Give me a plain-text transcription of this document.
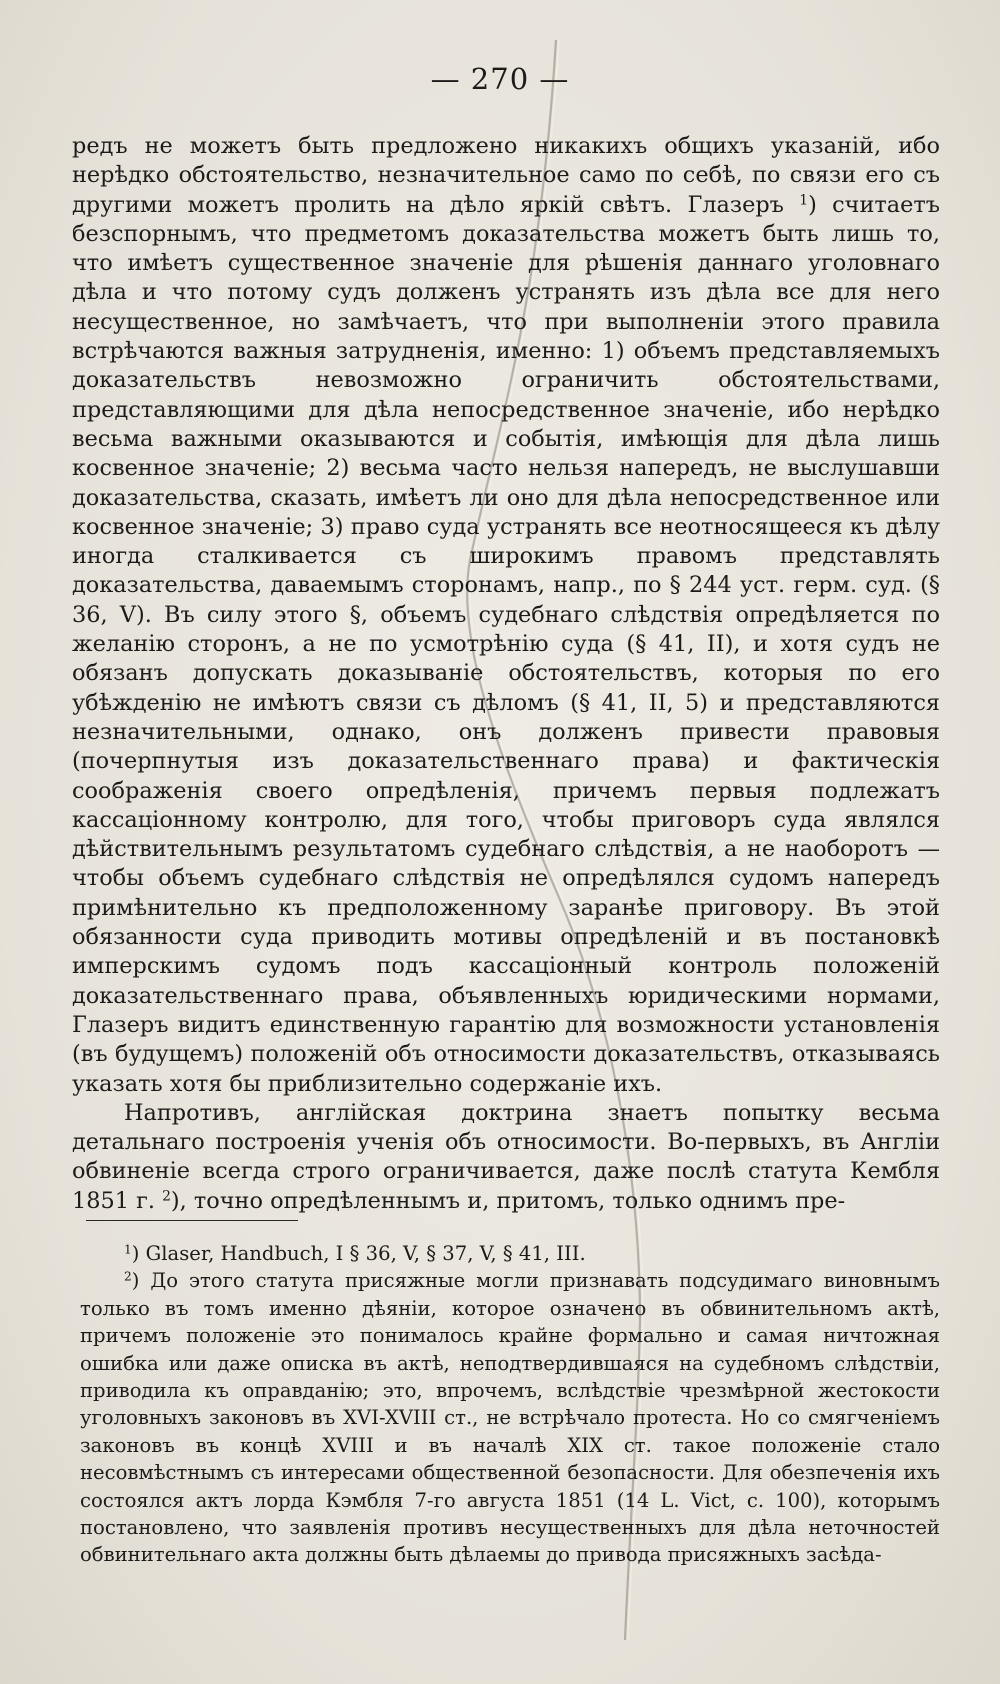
— 270 —

редъ не можетъ быть предложено никакихъ общихъ указаній, ибо нерѣдко обстоятельство, незначительное само по себѣ, по связи его съ другими можетъ пролить на дѣло яркій свѣтъ. Глазеръ $^1$) считаетъ безспорнымъ, что предметомъ доказательства можетъ быть лишь то, что имѣетъ существенное значеніе для рѣшенія даннаго уголовнаго дѣла и что потому судъ долженъ устранять изъ дѣла все для него несущественное, но замѣчаетъ, что при выполненіи этого правила встрѣчаются важныя затрудненія, именно: 1) объемъ представляемыхъ доказательствъ невозможно ограничить обстоятельствами, представляющими для дѣла непосредственное значеніе, ибо нерѣдко весьма важными оказываются и событія, имѣющія для дѣла лишь косвенное значеніе; 2) весьма часто нельзя напередъ, не выслушавши доказательства, сказать, имѣетъ ли оно для дѣла непосредственное или косвенное значеніе; 3) право суда устранять все неотносящееся къ дѣлу иногда сталкивается съ широкимъ правомъ представлять доказательства, даваемымъ сторонамъ, напр., по § 244 уст. герм. суд. (§ 36, V). Въ силу этого §, объемъ судебнаго слѣдствія опредѣляется по желанію сторонъ, а не по усмотрѣнію суда (§ 41, II), и хотя судъ не обязанъ допускать доказываніе обстоятельствъ, которыя по его убѣжденію не имѣютъ связи съ дѣломъ (§ 41, II, 5) и представляются незначительными, однако, онъ долженъ привести правовыя (почерпнутыя изъ доказательственнаго права) и фактическія соображенія своего опредѣленія, причемъ первыя подлежатъ кассаціонному контролю, для того, чтобы приговоръ суда являлся дѣйствительнымъ результатомъ судебнаго слѣдствія, а не наоборотъ — чтобы объемъ судебнаго слѣдствія не опредѣлялся судомъ напередъ примѣнительно къ предположенному заранѣе приговору. Въ этой обязанности суда приводить мотивы опредѣленій и въ постановкѣ имперскимъ судомъ подъ кассаціонный контроль положеній доказательственнаго права, объявленныхъ юридическими нормами, Глазеръ видитъ единственную гарантію для возможности установленія (въ будущемъ) положеній объ относимости доказательствъ, отказываясь указать хотя бы приблизительно содержаніе ихъ.

Напротивъ, англійская доктрина знаетъ попытку весьма детальнаго построенія ученія объ относимости. Во-первыхъ, въ Англіи обвиненіе всегда строго ограничивается, даже послѣ статута Кембля 1851 г. $^2$), точно опредѣленнымъ и, притомъ, только однимъ пре-

$^1$) Glaser, Handbuch, I § 36, V, § 37, V, § 41, III.

$^2$) До этого статута присяжные могли признавать подсудимаго виновнымъ только въ томъ именно дѣяніи, которое означено въ обвинительномъ актѣ, причемъ положеніе это понималось крайне формально и самая ничтожная ошибка или даже описка въ актѣ, неподтвердившаяся на судебномъ слѣдствіи, приводила къ оправданію; это, впрочемъ, вслѣдствіе чрезмѣрной жестокости уголовныхъ законовъ въ XVI-XVIII ст., не встрѣчало протеста. Но со смягченіемъ законовъ въ концѣ XVIII и въ началѣ XIX ст. такое положеніе стало несовмѣстнымъ съ интересами общественной безопасности. Для обезпеченія ихъ состоялся актъ лорда Кэмбля 7-го августа 1851 (14 L. Vict, c. 100), которымъ постановлено, что заявленія противъ несущественныхъ для дѣла неточностей обвинительнаго акта должны быть дѣлаемы до привода присяжныхъ засѣда-
